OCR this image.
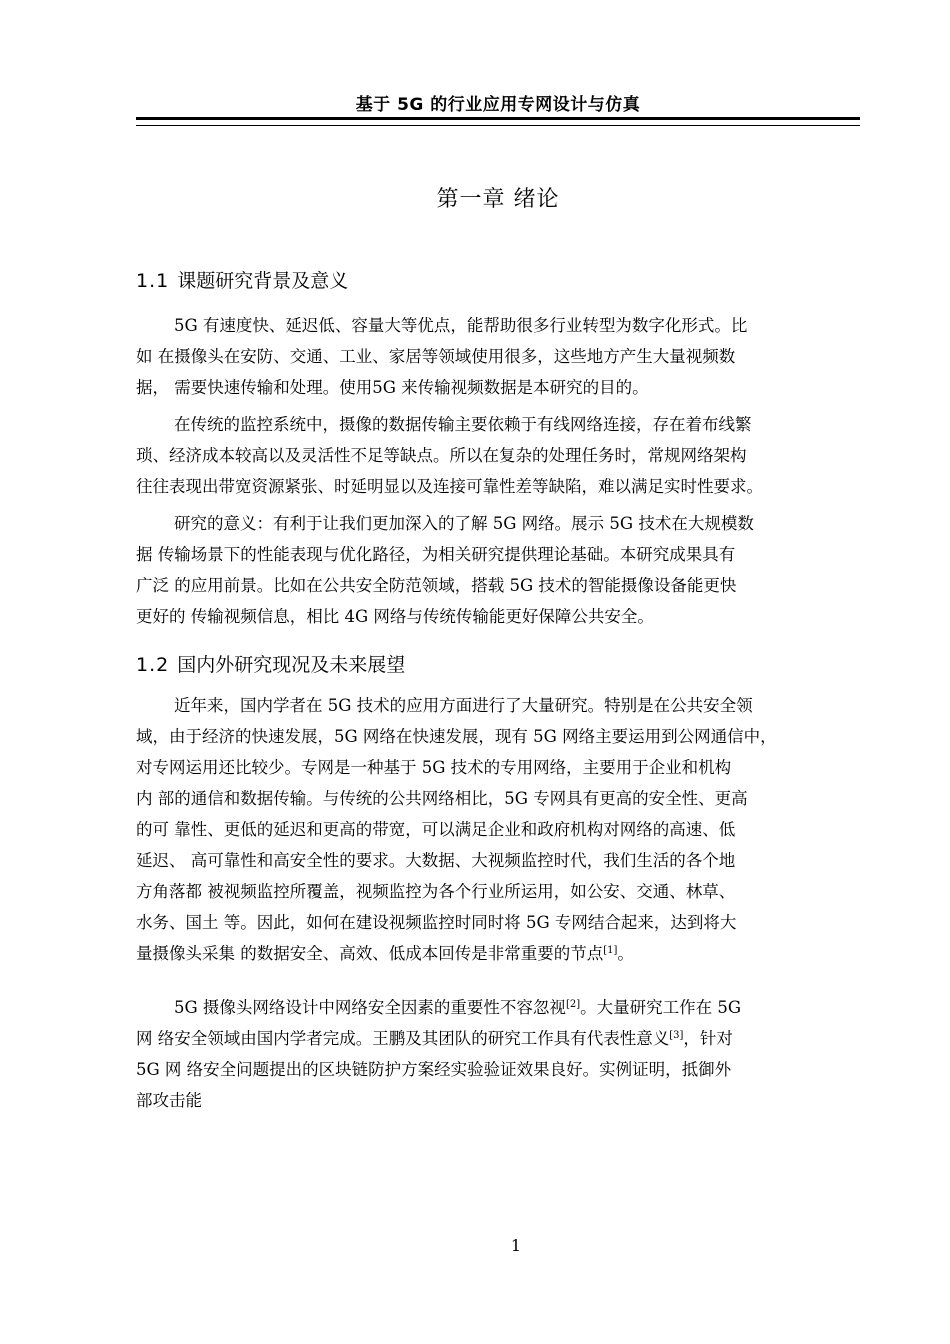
基于 5G 的行业应用专网设计与仿真
第一章 绪论
1.1 课题研究背景及意义

5G 有速度快、延迟低、容量大等优点，能帮助很多行业转型为数字化形式。比
如 在摄像头在安防、交通、工业、家居等领域使用很多，这些地方产生大量视频数
据， 需要快速传输和处理。使用5G 来传输视频数据是本研究的目的。

在传统的监控系统中，摄像的数据传输主要依赖于有线网络连接，存在着布线繁
琐、经济成本较高以及灵活性不足等缺点。所以在复杂的处理任务时，常规网络架构
往往表现出带宽资源紧张、时延明显以及连接可靠性差等缺陷，难以满足实时性要求。

研究的意义：有利于让我们更加深入的了解 5G 网络。展示 5G 技术在大规模数
据 传输场景下的性能表现与优化路径，为相关研究提供理论基础。本研究成果具有
广泛 的应用前景。比如在公共安全防范领域，搭载 5G 技术的智能摄像设备能更快
更好的 传输视频信息，相比 4G 网络与传统传输能更好保障公共安全。

1.2 国内外研究现况及未来展望

近年来，国内学者在 5G 技术的应用方面进行了大量研究。特别是在公共安全领
域，由于经济的快速发展，5G 网络在快速发展，现有 5G 网络主要运用到公网通信中，
对专网运用还比较少。专网是一种基于 5G 技术的专用网络，主要用于企业和机构
内 部的通信和数据传输。与传统的公共网络相比，5G 专网具有更高的安全性、更高
的可 靠性、更低的延迟和更高的带宽，可以满足企业和政府机构对网络的高速、低
延迟、 高可靠性和高安全性的要求。大数据、大视频监控时代，我们生活的各个地
方角落都 被视频监控所覆盖，视频监控为各个行业所运用，如公安、交通、林草、
水务、国土 等。因此，如何在建设视频监控时同时将 5G 专网结合起来，达到将大
量摄像头采集 的数据安全、高效、低成本回传是非常重要的节点[1]。

5G 摄像头网络设计中网络安全因素的重要性不容忽视[2]。大量研究工作在 5G
网 络安全领域由国内学者完成。王鹏及其团队的研究工作具有代表性意义[3]，针对
5G 网 络安全问题提出的区块链防护方案经实验验证效果良好。实例证明，抵御外
部攻击能

1
